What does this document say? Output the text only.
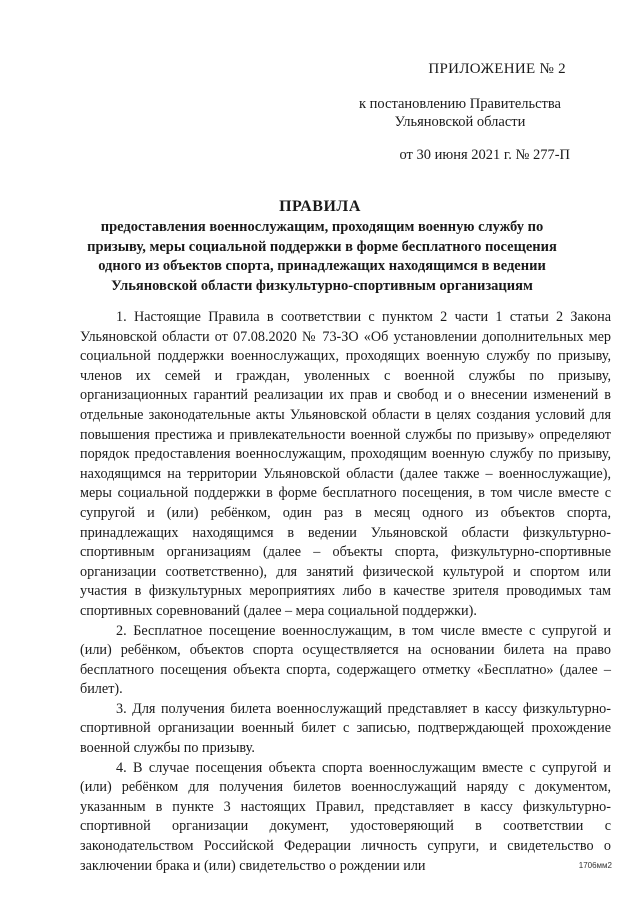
ПРИЛОЖЕНИЕ № 2
к постановлению Правительства Ульяновской области
от 30 июня 2021 г. № 277-П
ПРАВИЛА
предоставления военнослужащим, проходящим военную службу по призыву, меры социальной поддержки в форме бесплатного посещения одного из объектов спорта, принадлежащих находящимся в ведении Ульяновской области физкультурно-спортивным организациям

1. Настоящие Правила в соответствии с пунктом 2 части 1 статьи 2 Закона Ульяновской области от 07.08.2020 № 73-ЗО «Об установлении дополнительных мер социальной поддержки военнослужащих, проходящих военную службу по призыву, членов их семей и граждан, уволенных с военной службы по призыву, организационных гарантий реализации их прав и свобод и о внесении изменений в отдельные законодательные акты Ульяновской области в целях создания условий для повышения престижа и привлекательности военной службы по призыву» определяют порядок предоставления военнослужащим, проходящим военную службу по призыву, находящимся на территории Ульяновской области (далее также – военнослужащие), меры социальной поддержки в форме бесплатного посещения, в том числе вместе с супругой и (или) ребёнком, один раз в месяц одного из объектов спорта, принадлежащих находящимся в ведении Ульяновской области физкультурно-спортивным организациям (далее – объекты спорта, физкультурно-спортивные организации соответственно), для занятий физической культурой и спортом или участия в физкультурных мероприятиях либо в качестве зрителя проводимых там спортивных соревнований (далее – мера социальной поддержки).

2. Бесплатное посещение военнослужащим, в том числе вместе с супругой и (или) ребёнком, объектов спорта осуществляется на основании билета на право бесплатного посещения объекта спорта, содержащего отметку «Бесплатно» (далее – билет).

3. Для получения билета военнослужащий представляет в кассу физкультурно-спортивной организации военный билет с записью, подтверждающей прохождение военной службы по призыву.

4. В случае посещения объекта спорта военнослужащим вместе с супругой и (или) ребёнком для получения билетов военнослужащий наряду с документом, указанным в пункте 3 настоящих Правил, представляет в кассу физкультурно-спортивной организации документ, удостоверяющий в соответствии с законодательством Российской Федерации личность супруги, и свидетельство о заключении брака и (или) свидетельство о рождении или	1706мм2
